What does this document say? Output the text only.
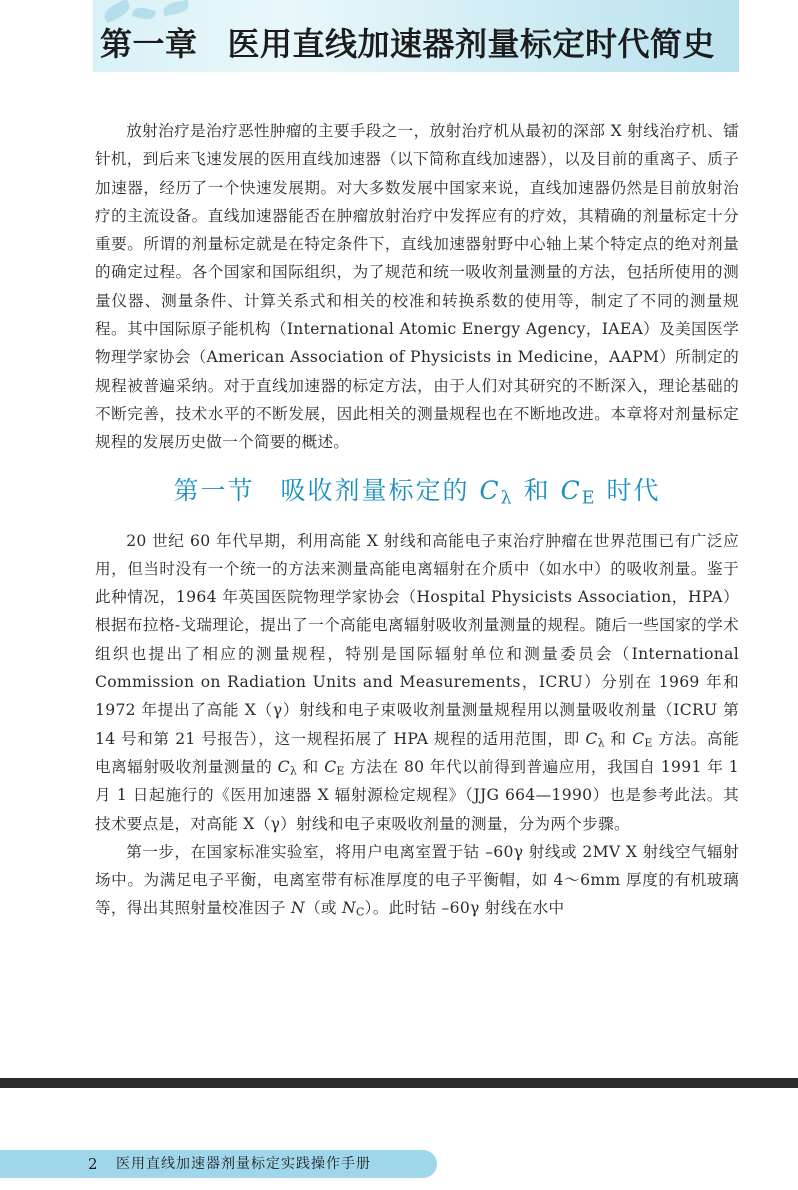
第一章 医用直线加速器剂量标定时代简史

放射治疗是治疗恶性肿瘤的主要手段之一，放射治疗机从最初的深部 X 射线治疗机、镭针机，到后来飞速发展的医用直线加速器（以下简称直线加速器），以及目前的重离子、质子加速器，经历了一个快速发展期。对大多数发展中国家来说，直线加速器仍然是目前放射治疗的主流设备。直线加速器能否在肿瘤放射治疗中发挥应有的疗效，其精确的剂量标定十分重要。所谓的剂量标定就是在特定条件下，直线加速器射野中心轴上某个特定点的绝对剂量的确定过程。各个国家和国际组织，为了规范和统一吸收剂量测量的方法，包括所使用的测量仪器、测量条件、计算关系式和相关的校准和转换系数的使用等，制定了不同的测量规程。其中国际原子能机构（International Atomic Energy Agency，IAEA）及美国医学物理学家协会（American Association of Physicists in Medicine，AAPM）所制定的规程被普遍采纳。对于直线加速器的标定方法，由于人们对其研究的不断深入，理论基础的不断完善，技术水平的不断发展，因此相关的测量规程也在不断地改进。本章将对剂量标定规程的发展历史做一个简要的概述。

第一节 吸收剂量标定的 $C_\lambda$ 和 $C_E$ 时代

20 世纪 60 年代早期，利用高能 X 射线和高能电子束治疗肿瘤在世界范围已有广泛应用，但当时没有一个统一的方法来测量高能电离辐射在介质中（如水中）的吸收剂量。鉴于此种情况，1964 年英国医院物理学家协会（Hospital Physicists Association，HPA）根据布拉格-戈瑞理论，提出了一个高能电离辐射吸收剂量测量的规程。随后一些国家的学术组织也提出了相应的测量规程，特别是国际辐射单位和测量委员会（International Commission on Radiation Units and Measurements，ICRU）分别在 1969 年和 1972 年提出了高能 X（γ）射线和电子束吸收剂量测量规程用以测量吸收剂量（ICRU 第 14 号和第 21 号报告），这一规程拓展了 HPA 规程的适用范围，即 $C_\lambda$ 和 $C_E$ 方法。高能电离辐射吸收剂量测量的 $C_\lambda$ 和 $C_E$ 方法在 80 年代以前得到普遍应用，我国自 1991 年 1 月 1 日起施行的《医用加速器 X 辐射源检定规程》（JJG 664—1990）也是参考此法。其技术要点是，对高能 X（γ）射线和电子束吸收剂量的测量，分为两个步骤。

第一步，在国家标准实验室，将用户电离室置于钴 –60γ 射线或 2MV X 射线空气辐射场中。为满足电子平衡，电离室带有标准厚度的电子平衡帽，如 4～6mm 厚度的有机玻璃等，得出其照射量校准因子 N（或 $N_C$）。此时钴 –60γ 射线在水中

2 医用直线加速器剂量标定实践操作手册
